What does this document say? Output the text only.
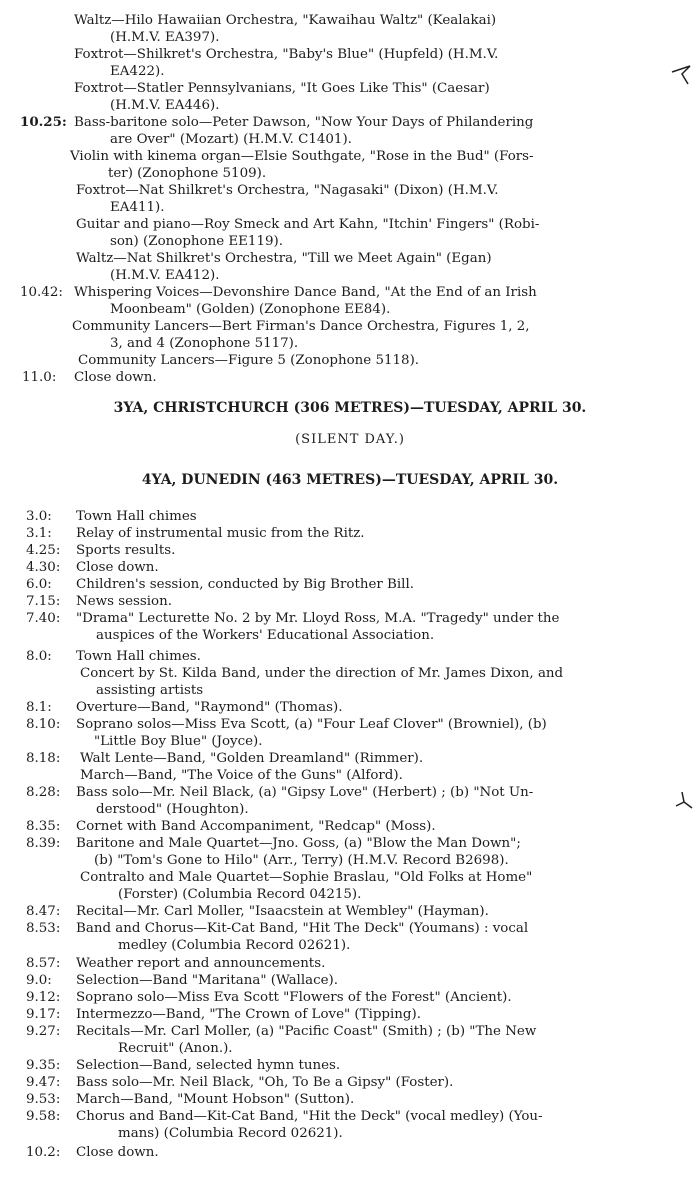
Waltz—Hilo Hawaiian Orchestra, "Kawaihau Waltz" (Kealakai)
(H.M.V. EA397).
Foxtrot—Shilkret's Orchestra, "Baby's Blue" (Hupfeld) (H.M.V.
EA422).
Foxtrot—Statler Pennsylvanians, "It Goes Like This" (Caesar)
(H.M.V. EA446).
10.25: Bass-baritone solo—Peter Dawson, "Now Your Days of Philandering
are Over" (Mozart) (H.M.V. C1401).
Violin with kinema organ—Elsie Southgate, "Rose in the Bud" (Fors-
ter) (Zonophone 5109).
Foxtrot—Nat Shilkret's Orchestra, "Nagasaki" (Dixon) (H.M.V.
EA411).
Guitar and piano—Roy Smeck and Art Kahn, "Itchin' Fingers" (Robi-
son) (Zonophone EE119).
Waltz—Nat Shilkret's Orchestra, "Till we Meet Again" (Egan)
(H.M.V. EA412).
10.42: Whispering Voices—Devonshire Dance Band, "At the End of an Irish
Moonbeam" (Golden) (Zonophone EE84).
Community Lancers—Bert Firman's Dance Orchestra, Figures 1, 2,
3, and 4 (Zonophone 5117).
Community Lancers—Figure 5 (Zonophone 5118).
11.0: Close down.
3YA, CHRISTCHURCH (306 METRES)—TUESDAY, APRIL 30.
(SILENT DAY.)
4YA, DUNEDIN (463 METRES)—TUESDAY, APRIL 30.
3.0: Town Hall chimes
3.1: Relay of instrumental music from the Ritz.
4.25: Sports results.
4.30: Close down.
6.0: Children's session, conducted by Big Brother Bill.
7.15: News session.
7.40: "Drama" Lecturette No. 2 by Mr. Lloyd Ross, M.A. "Tragedy" under the
auspices of the Workers' Educational Association.
8.0: Town Hall chimes.
Concert by St. Kilda Band, under the direction of Mr. James Dixon, and
assisting artists
8.1: Overture—Band, "Raymond" (Thomas).
8.10: Soprano solos—Miss Eva Scott, (a) "Four Leaf Clover" (Browniel), (b)
"Little Boy Blue" (Joyce).
8.18: Walt Lente—Band, "Golden Dreamland" (Rimmer).
March—Band, "The Voice of the Guns" (Alford).
8.28: Bass solo—Mr. Neil Black, (a) "Gipsy Love" (Herbert) ; (b) "Not Un-
derstood" (Houghton).
8.35: Cornet with Band Accompaniment, "Redcap" (Moss).
8.39: Baritone and Male Quartet—Jno. Goss, (a) "Blow the Man Down";
(b) "Tom's Gone to Hilo" (Arr., Terry) (H.M.V. Record B2698).
Contralto and Male Quartet—Sophie Braslau, "Old Folks at Home"
(Forster) (Columbia Record 04215).
8.47: Recital—Mr. Carl Moller, "Isaacstein at Wembley" (Hayman).
8.53: Band and Chorus—Kit-Cat Band, "Hit The Deck" (Youmans) : vocal
medley (Columbia Record 02621).
8.57: Weather report and announcements.
9.0: Selection—Band "Maritana" (Wallace).
9.12: Soprano solo—Miss Eva Scott "Flowers of the Forest" (Ancient).
9.17: Intermezzo—Band, "The Crown of Love" (Tipping).
9.27: Recitals—Mr. Carl Moller, (a) "Pacific Coast" (Smith) ; (b) "The New
Recruit" (Anon.).
9.35: Selection—Band, selected hymn tunes.
9.47: Bass solo—Mr. Neil Black, "Oh, To Be a Gipsy" (Foster).
9.53: March—Band, "Mount Hobson" (Sutton).
9.58: Chorus and Band—Kit-Cat Band, "Hit the Deck" (vocal medley) (You-
mans) (Columbia Record 02621).
10.2: Close down.
